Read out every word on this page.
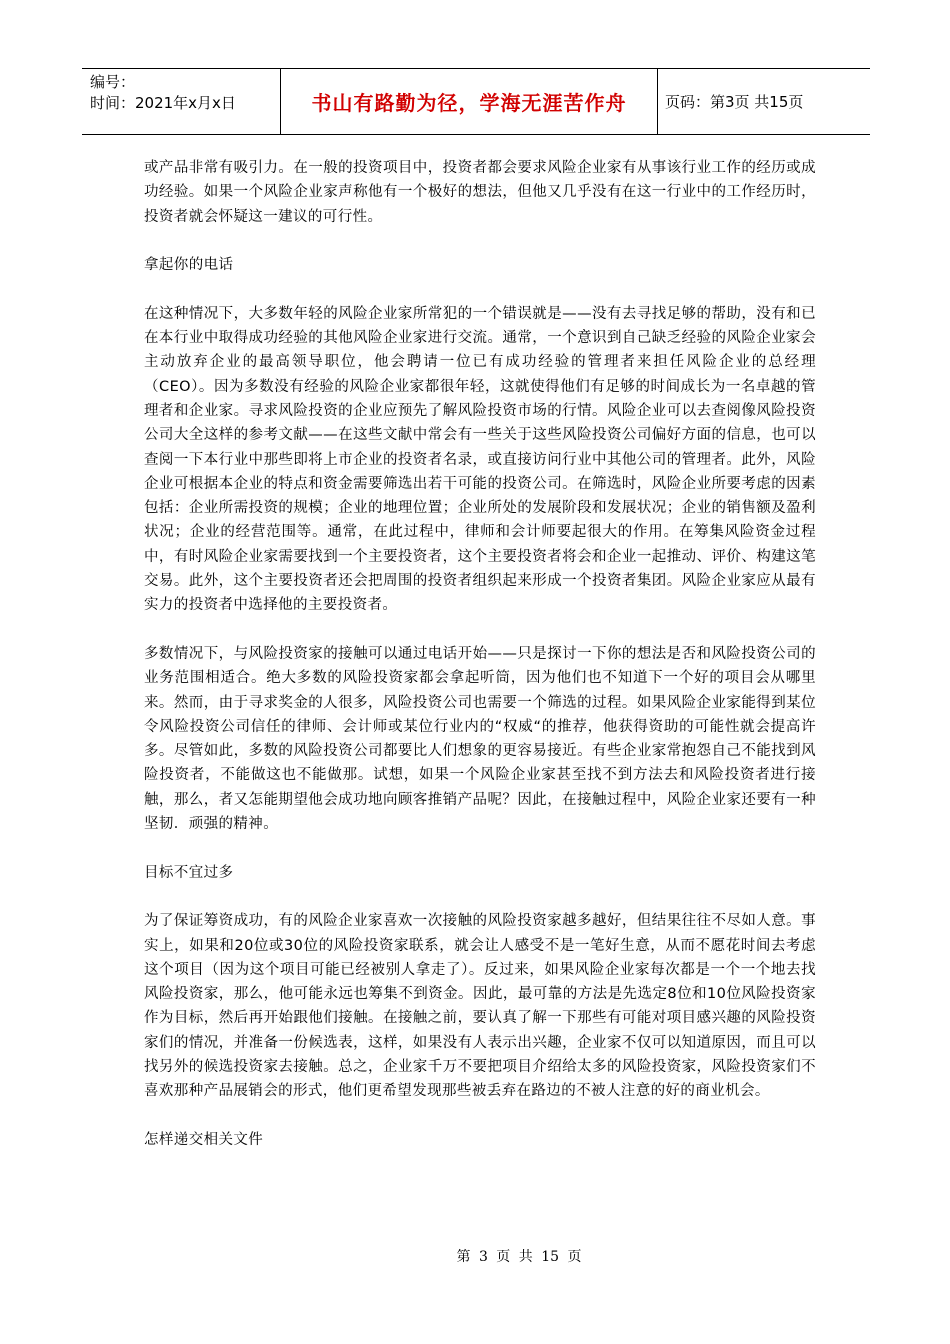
编号：
时间：2021年x月x日	书山有路勤为径，学海无涯苦作舟	页码：第3页 共15页

或产品非常有吸引力。在一般的投资项目中，投资者都会要求风险企业家有从事该行业工作的经历或成功经验。如果一个风险企业家声称他有一个极好的想法，但他又几乎没有在这一行业中的工作经历时，投资者就会怀疑这一建议的可行性。

拿起你的电话

在这种情况下，大多数年轻的风险企业家所常犯的一个错误就是——没有去寻找足够的帮助，没有和已在本行业中取得成功经验的其他风险企业家进行交流。通常，一个意识到自己缺乏经验的风险企业家会主动放弃企业的最高领导职位，他会聘请一位已有成功经验的管理者来担任风险企业的总经理（CEO）。因为多数没有经验的风险企业家都很年轻，这就使得他们有足够的时间成长为一名卓越的管理者和企业家。寻求风险投资的企业应预先了解风险投资市场的行情。风险企业可以去查阅像风险投资公司大全这样的参考文献——在这些文献中常会有一些关于这些风险投资公司偏好方面的信息，也可以查阅一下本行业中那些即将上市企业的投资者名录，或直接访问行业中其他公司的管理者。此外，风险企业可根据本企业的特点和资金需要筛选出若干可能的投资公司。在筛选时，风险企业所要考虑的因素包括：企业所需投资的规模；企业的地理位置；企业所处的发展阶段和发展状况；企业的销售额及盈利状况；企业的经营范围等。通常，在此过程中，律师和会计师要起很大的作用。在筹集风险资金过程中，有时风险企业家需要找到一个主要投资者，这个主要投资者将会和企业一起推动、评价、构建这笔交易。此外，这个主要投资者还会把周围的投资者组织起来形成一个投资者集团。风险企业家应从最有实力的投资者中选择他的主要投资者。

多数情况下，与风险投资家的接触可以通过电话开始——只是探讨一下你的想法是否和风险投资公司的业务范围相适合。绝大多数的风险投资家都会拿起听筒，因为他们也不知道下一个好的项目会从哪里来。然而，由于寻求奖金的人很多，风险投资公司也需要一个筛选的过程。如果风险企业家能得到某位令风险投资公司信任的律师、会计师或某位行业内的“权威“的推荐，他获得资助的可能性就会提高许多。尽管如此，多数的风险投资公司都要比人们想象的更容易接近。有些企业家常抱怨自己不能找到风险投资者，不能做这也不能做那。试想，如果一个风险企业家甚至找不到方法去和风险投资者进行接触，那么，者又怎能期望他会成功地向顾客推销产品呢？因此，在接触过程中，风险企业家还要有一种坚韧．顽强的精神。

目标不宜过多

为了保证筹资成功，有的风险企业家喜欢一次接触的风险投资家越多越好，但结果往往不尽如人意。事实上，如果和20位或30位的风险投资家联系，就会让人感受不是一笔好生意，从而不愿花时间去考虑这个项目（因为这个项目可能已经被别人拿走了）。反过来，如果风险企业家每次都是一个一个地去找风险投资家，那么，他可能永远也筹集不到资金。因此，最可靠的方法是先选定8位和10位风险投资家作为目标，然后再开始跟他们接触。在接触之前，要认真了解一下那些有可能对项目感兴趣的风险投资家们的情况，并准备一份候选表，这样，如果没有人表示出兴趣，企业家不仅可以知道原因，而且可以找另外的候选投资家去接触。总之，企业家千万不要把项目介绍给太多的风险投资家，风险投资家们不喜欢那种产品展销会的形式，他们更希望发现那些被丢弃在路边的不被人注意的好的商业机会。

怎样递交相关文件

第 3 页 共 15 页
